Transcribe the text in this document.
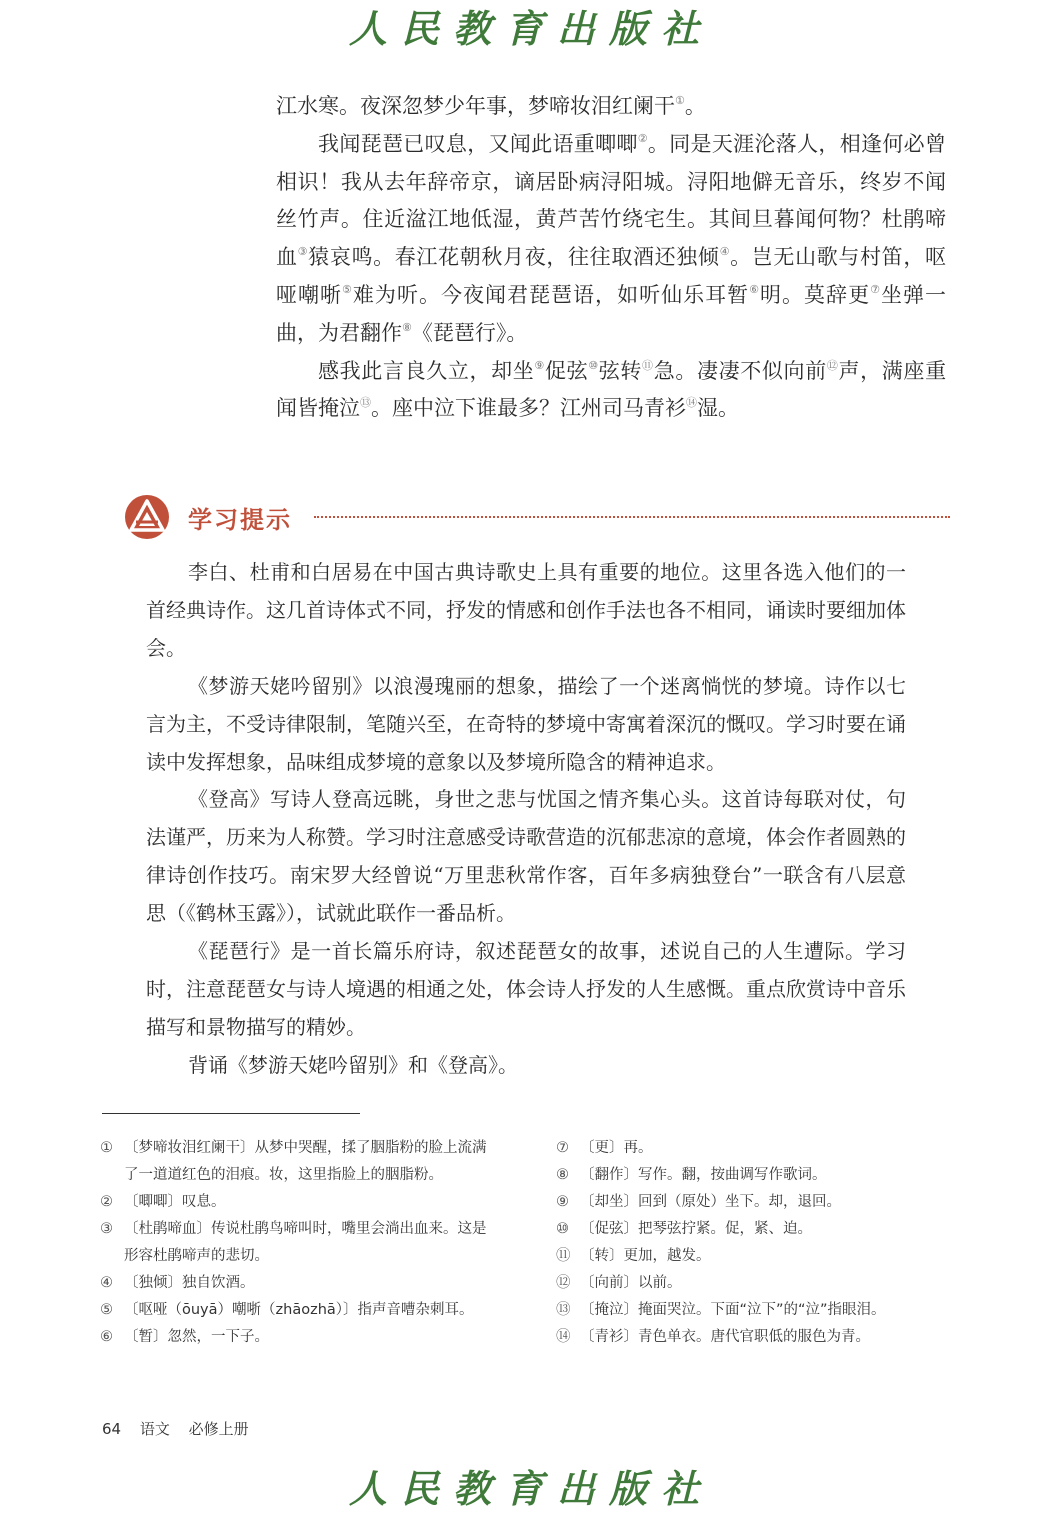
人民教育出版社

江水寒。夜深忽梦少年事，梦啼妆泪红阑干①。

我闻琵琶已叹息，又闻此语重唧唧②。同是天涯沦落人，相逢何必曾相识！我从去年辞帝京，谪居卧病浔阳城。浔阳地僻无音乐，终岁不闻丝竹声。住近湓江地低湿，黄芦苦竹绕宅生。其间旦暮闻何物？杜鹃啼血③猿哀鸣。春江花朝秋月夜，往往取酒还独倾④。岂无山歌与村笛，呕哑嘲哳⑤难为听。今夜闻君琵琶语，如听仙乐耳暂⑥明。莫辞更⑦坐弹一曲，为君翻作⑧《琵琶行》。

感我此言良久立，却坐⑨促弦⑩弦转⑪急。凄凄不似向前⑫声，满座重闻皆掩泣⑬。座中泣下谁最多？江州司马青衫⑭湿。

学习提示

李白、杜甫和白居易在中国古典诗歌史上具有重要的地位。这里各选入他们的一首经典诗作。这几首诗体式不同，抒发的情感和创作手法也各不相同，诵读时要细加体会。

《梦游天姥吟留别》以浪漫瑰丽的想象，描绘了一个迷离惝恍的梦境。诗作以七言为主，不受诗律限制，笔随兴至，在奇特的梦境中寄寓着深沉的慨叹。学习时要在诵读中发挥想象，品味组成梦境的意象以及梦境所隐含的精神追求。

《登高》写诗人登高远眺，身世之悲与忧国之情齐集心头。这首诗每联对仗，句法谨严，历来为人称赞。学习时注意感受诗歌营造的沉郁悲凉的意境，体会作者圆熟的律诗创作技巧。南宋罗大经曾说“万里悲秋常作客，百年多病独登台”一联含有八层意思（《鹤林玉露》），试就此联作一番品析。

《琵琶行》是一首长篇乐府诗，叙述琵琶女的故事，述说自己的人生遭际。学习时，注意琵琶女与诗人境遇的相通之处，体会诗人抒发的人生感慨。重点欣赏诗中音乐描写和景物描写的精妙。

背诵《梦游天姥吟留别》和《登高》。

① 〔梦啼妆泪红阑干〕从梦中哭醒，揉了胭脂粉的脸上流满了一道道红色的泪痕。妆，这里指脸上的胭脂粉。
② 〔唧唧〕叹息。
③ 〔杜鹃啼血〕传说杜鹃鸟啼叫时，嘴里会淌出血来。这是形容杜鹃啼声的悲切。
④ 〔独倾〕独自饮酒。
⑤ 〔呕哑（ōuyā）嘲哳（zhāozhā）〕指声音嘈杂刺耳。
⑥ 〔暂〕忽然，一下子。
⑦ 〔更〕再。
⑧ 〔翻作〕写作。翻，按曲调写作歌词。
⑨ 〔却坐〕回到（原处）坐下。却，退回。
⑩ 〔促弦〕把琴弦拧紧。促，紧、迫。
⑪ 〔转〕更加，越发。
⑫ 〔向前〕以前。
⑬ 〔掩泣〕掩面哭泣。下面“泣下”的“泣”指眼泪。
⑭ 〔青衫〕青色单衣。唐代官职低的服色为青。
64 语文 必修上册
人民教育出版社
